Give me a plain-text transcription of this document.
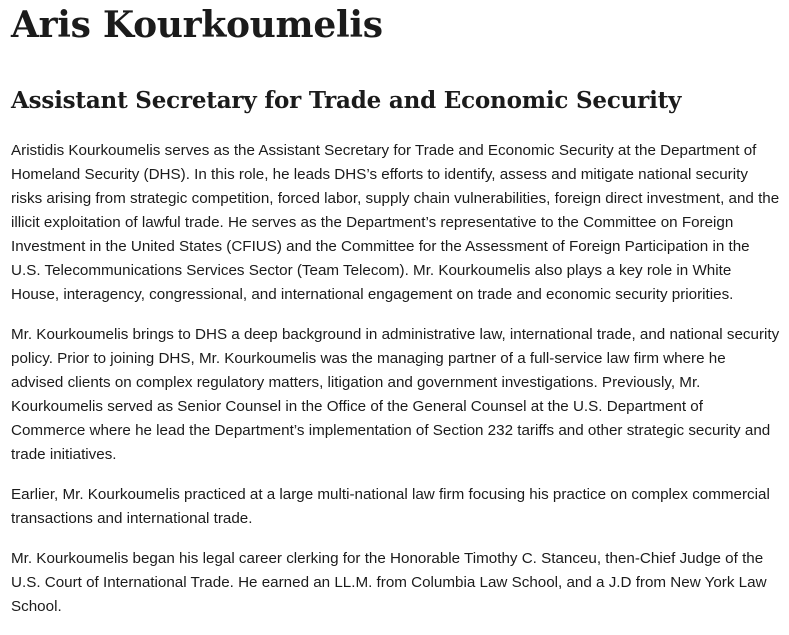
Aris Kourkoumelis
Assistant Secretary for Trade and Economic Security

Aristidis Kourkoumelis serves as the Assistant Secretary for Trade and Economic Security at the Department of Homeland Security (DHS). In this role, he leads DHS’s efforts to identify, assess and mitigate national security risks arising from strategic competition, forced labor, supply chain vulnerabilities, foreign direct investment, and the illicit exploitation of lawful trade. He serves as the Department’s representative to the Committee on Foreign Investment in the United States (CFIUS) and the Committee for the Assessment of Foreign Participation in the U.S. Telecommunications Services Sector (Team Telecom). Mr. Kourkoumelis also plays a key role in White House, interagency, congressional, and international engagement on trade and economic security priorities.

Mr. Kourkoumelis brings to DHS a deep background in administrative law, international trade, and national security policy. Prior to joining DHS, Mr. Kourkoumelis was the managing partner of a full-service law firm where he advised clients on complex regulatory matters, litigation and government investigations. Previously, Mr. Kourkoumelis served as Senior Counsel in the Office of the General Counsel at the U.S. Department of Commerce where he lead the Department’s implementation of Section 232 tariffs and other strategic security and trade initiatives.

Earlier, Mr. Kourkoumelis practiced at a large multi-national law firm focusing his practice on complex commercial transactions and international trade.

Mr. Kourkoumelis began his legal career clerking for the Honorable Timothy C. Stanceu, then-Chief Judge of the U.S. Court of International Trade. He earned an LL.M. from Columbia Law School, and a J.D from New York Law School.
